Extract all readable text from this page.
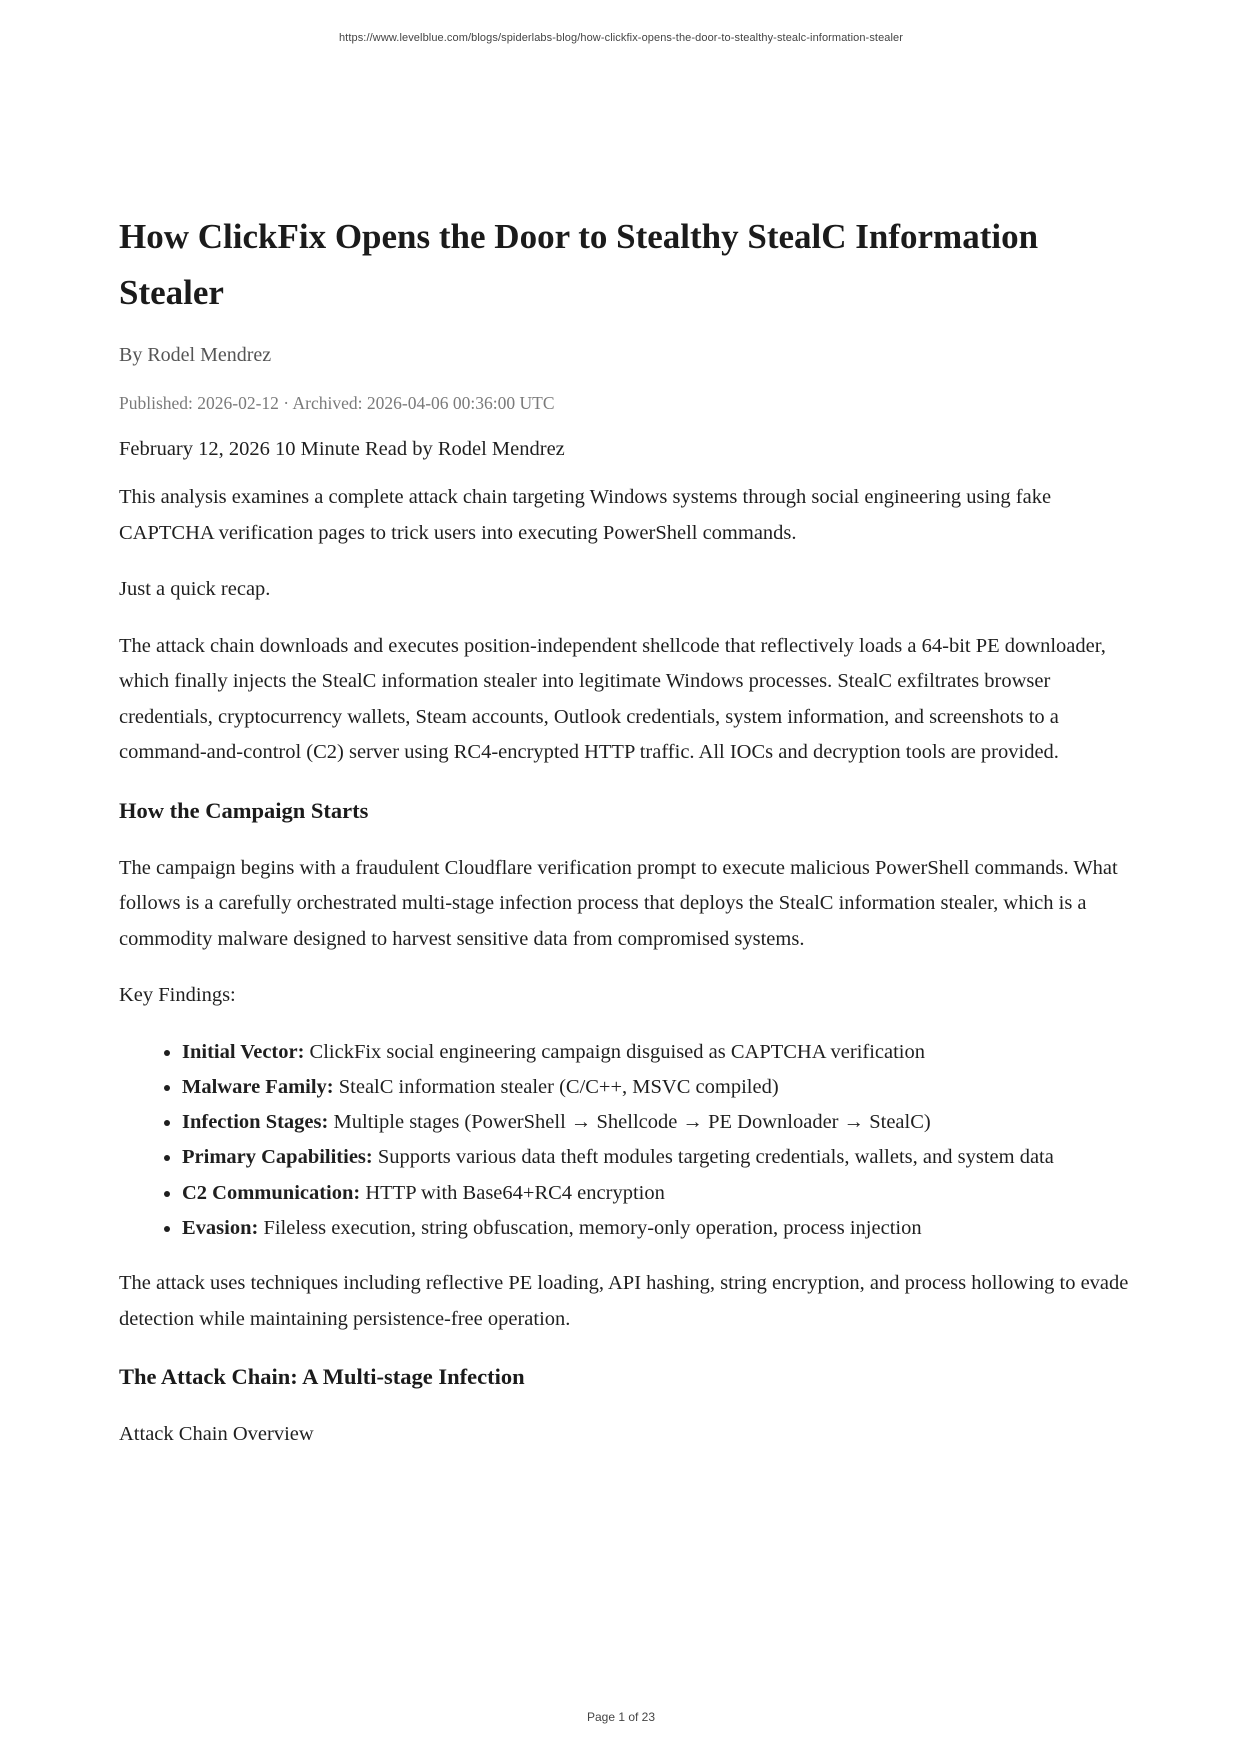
https://www.levelblue.com/blogs/spiderlabs-blog/how-clickfix-opens-the-door-to-stealthy-stealc-information-stealer
How ClickFix Opens the Door to Stealthy StealC Information Stealer
By Rodel Mendrez
Published: 2026-02-12 · Archived: 2026-04-06 00:36:00 UTC

February 12, 2026 10 Minute Read by Rodel Mendrez

This analysis examines a complete attack chain targeting Windows systems through social engineering using fake CAPTCHA verification pages to trick users into executing PowerShell commands.

Just a quick recap.

The attack chain downloads and executes position-independent shellcode that reflectively loads a 64-bit PE downloader, which finally injects the StealC information stealer into legitimate Windows processes. StealC exfiltrates browser credentials, cryptocurrency wallets, Steam accounts, Outlook credentials, system information, and screenshots to a command-and-control (C2) server using RC4-encrypted HTTP traffic. All IOCs and decryption tools are provided.

How the Campaign Starts

The campaign begins with a fraudulent Cloudflare verification prompt to execute malicious PowerShell commands. What follows is a carefully orchestrated multi-stage infection process that deploys the StealC information stealer, which is a commodity malware designed to harvest sensitive data from compromised systems.

Key Findings:

• Initial Vector: ClickFix social engineering campaign disguised as CAPTCHA verification
• Malware Family: StealC information stealer (C/C++, MSVC compiled)
• Infection Stages: Multiple stages (PowerShell → Shellcode → PE Downloader → StealC)
• Primary Capabilities: Supports various data theft modules targeting credentials, wallets, and system data
• C2 Communication: HTTP with Base64+RC4 encryption
• Evasion: Fileless execution, string obfuscation, memory-only operation, process injection

The attack uses techniques including reflective PE loading, API hashing, string encryption, and process hollowing to evade detection while maintaining persistence-free operation.

The Attack Chain: A Multi-stage Infection

Attack Chain Overview

Page 1 of 23
